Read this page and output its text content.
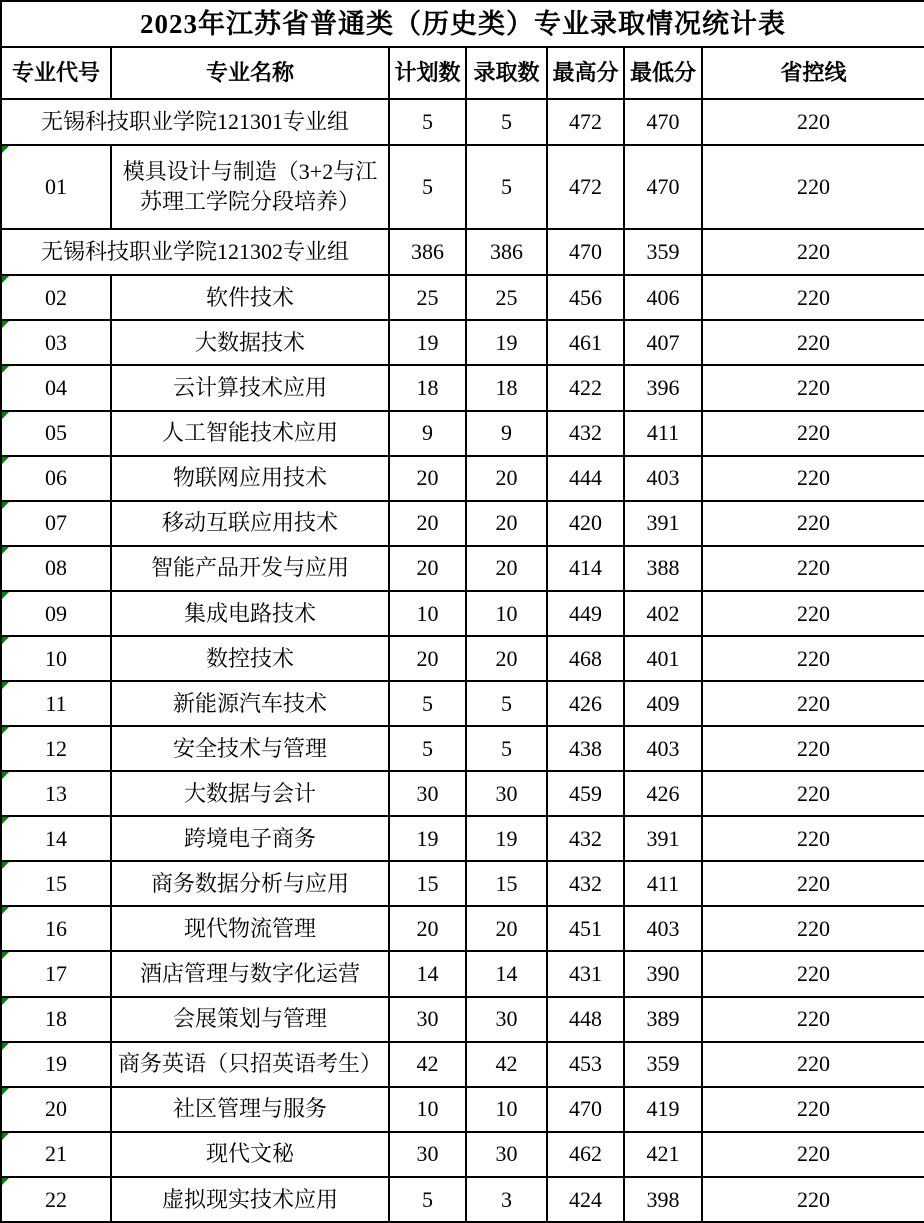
2023年江苏省普通类（历史类）专业录取情况统计表						
专业代号	专业名称	计划数	录取数	最高分	最低分	省控线
无锡科技职业学院121301专业组		5	5	472	470	220

01	模具设计与制造（3+2与江苏理工学院分段培养）	5	5	472	470	220
无锡科技职业学院121302专业组		386	386	470	359	220

02	软件技术	25	25	456	406	220

03	大数据技术	19	19	461	407	220

04	云计算技术应用	18	18	422	396	220

05	人工智能技术应用	9	9	432	411	220

06	物联网应用技术	20	20	444	403	220

07	移动互联应用技术	20	20	420	391	220

08	智能产品开发与应用	20	20	414	388	220

09	集成电路技术	10	10	449	402	220

10	数控技术	20	20	468	401	220

11	新能源汽车技术	5	5	426	409	220

12	安全技术与管理	5	5	438	403	220

13	大数据与会计	30	30	459	426	220

14	跨境电子商务	19	19	432	391	220

15	商务数据分析与应用	15	15	432	411	220

16	现代物流管理	20	20	451	403	220

17	酒店管理与数字化运营	14	14	431	390	220

18	会展策划与管理	30	30	448	389	220

19	商务英语（只招英语考生）	42	42	453	359	220

20	社区管理与服务	10	10	470	419	220

21	现代文秘	30	30	462	421	220

22	虚拟现实技术应用	5	3	424	398	220
